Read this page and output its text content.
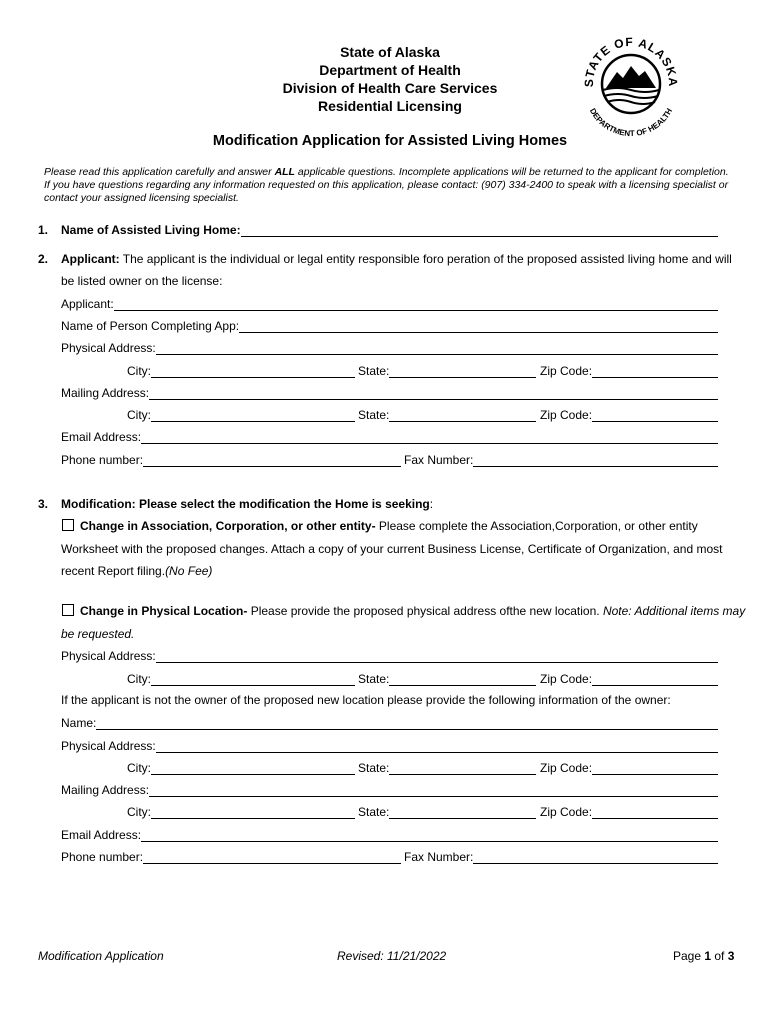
State of Alaska
Department of Health
Division of Health Care Services
Residential Licensing
Modification Application for Assisted Living Homes
STATE OF ALASKA
DEPARTMENT OF HEALTH
Please read this application carefully and answer ALL applicable questions. Incomplete applications will be returned to the applicant for completion. If you have questions regarding any information requested on this application, please contact: (907) 334-2400 to speak with a licensing specialist or contact your assigned licensing specialist.
1. Name of Assisted Living Home:
2. Applicant: The applicant is the individual or legal entity responsible foro peration of the proposed assisted living home and will
be listed owner on the license:
Applicant:
Name of Person Completing App:
Physical Address:
City:	State:	Zip Code:
Mailing Address:
City:	State:	Zip Code:
Email Address:
Phone number:	Fax Number:
3. Modification: Please select the modification the Home is seeking:
Change in Association, Corporation, or other entity- Please complete the Association,Corporation, or other entity
Worksheet with the proposed changes. Attach a copy of your current Business License, Certificate of Organization, and most
recent Report filing.(No Fee)
Change in Physical Location- Please provide the proposed physical address ofthe new location. Note: Additional items may
be requested.
Physical Address:
City:	State:	Zip Code:
If the applicant is not the owner of the proposed new location please provide the following information of the owner:
Name:
Physical Address:
City:	State:	Zip Code:
Mailing Address:
City:	State:	Zip Code:
Email Address:
Phone number:	Fax Number:
Modification Application	Revised: 11/21/2022	Page 1 of 3
